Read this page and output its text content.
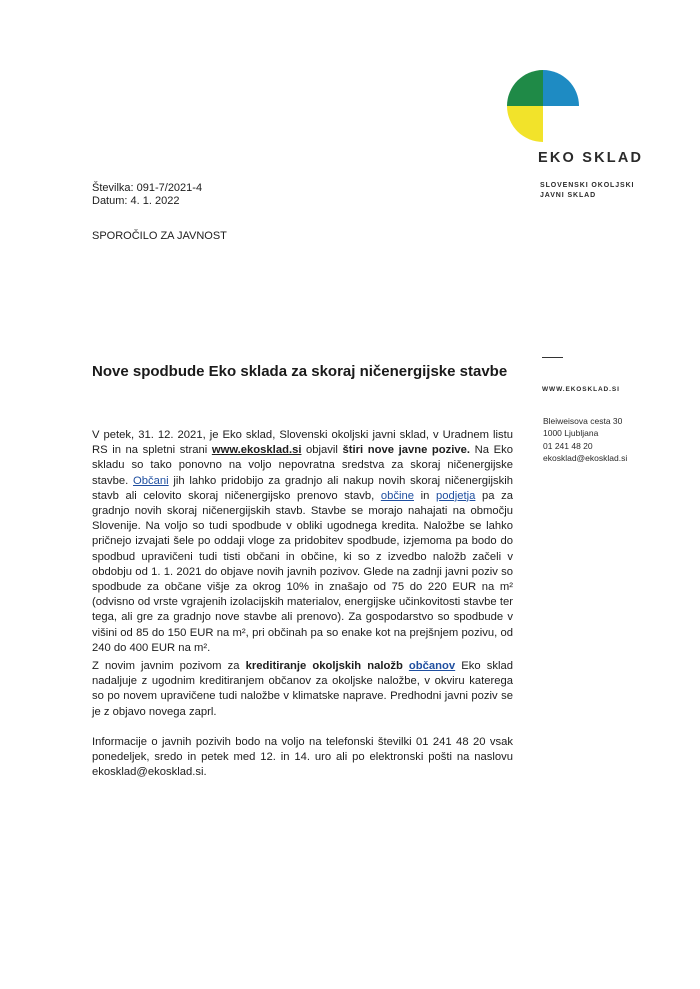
EKO SKLAD
SLOVENSKI OKOLJSKI
JAVNI SKLAD
Številka: 091-7/2021-4
Datum: 4. 1. 2022
SPOROČILO ZA JAVNOST
WWW.EKOSKLAD.SI
Bleiweisova cesta 30
1000 Ljubljana
01 241 48 20
ekosklad@ekosklad.si
Nove spodbude Eko sklada za skoraj ničenergijske stavbe
V petek, 31. 12. 2021, je Eko sklad, Slovenski okoljski javni sklad, v Uradnem listu RS in na spletni strani www.ekosklad.si objavil štiri nove javne pozive. Na Eko skladu so tako ponovno na voljo nepovratna sredstva za skoraj ničenergijske stavbe. Občani jih lahko pridobijo za gradnjo ali nakup novih skoraj ničenergijskih stavb ali celovito skoraj ničenergijsko prenovo stavb, občine in podjetja pa za gradnjo novih skoraj ničenergijskih stavb. Stavbe se morajo nahajati na območju Slovenije. Na voljo so tudi spodbude v obliki ugodnega kredita. Naložbe se lahko pričnejo izvajati šele po oddaji vloge za pridobitev spodbude, izjemoma pa bodo do spodbud upravičeni tudi tisti občani in občine, ki so z izvedbo naložb začeli v obdobju od 1. 1. 2021 do objave novih javnih pozivov. Glede na zadnji javni poziv so spodbude za občane višje za okrog 10% in znašajo od 75 do 220 EUR na m² (odvisno od vrste vgrajenih izolacijskih materialov, energijske učinkovitosti stavbe ter tega, ali gre za gradnjo nove stavbe ali prenovo). Za gospodarstvo so spodbude v višini od 85 do 150 EUR na m², pri občinah pa so enake kot na prejšnjem pozivu, od 240 do 400 EUR na m².
Z novim javnim pozivom za kreditiranje okoljskih naložb občanov Eko sklad nadaljuje z ugodnim kreditiranjem občanov za okoljske naložbe, v okviru katerega so po novem upravičene tudi naložbe v klimatske naprave. Predhodni javni poziv se je z objavo novega zaprl.
Informacije o javnih pozivih bodo na voljo na telefonski številki 01 241 48 20 vsak ponedeljek, sredo in petek med 12. in 14. uro ali po elektronski pošti na naslovu ekosklad@ekosklad.si.
